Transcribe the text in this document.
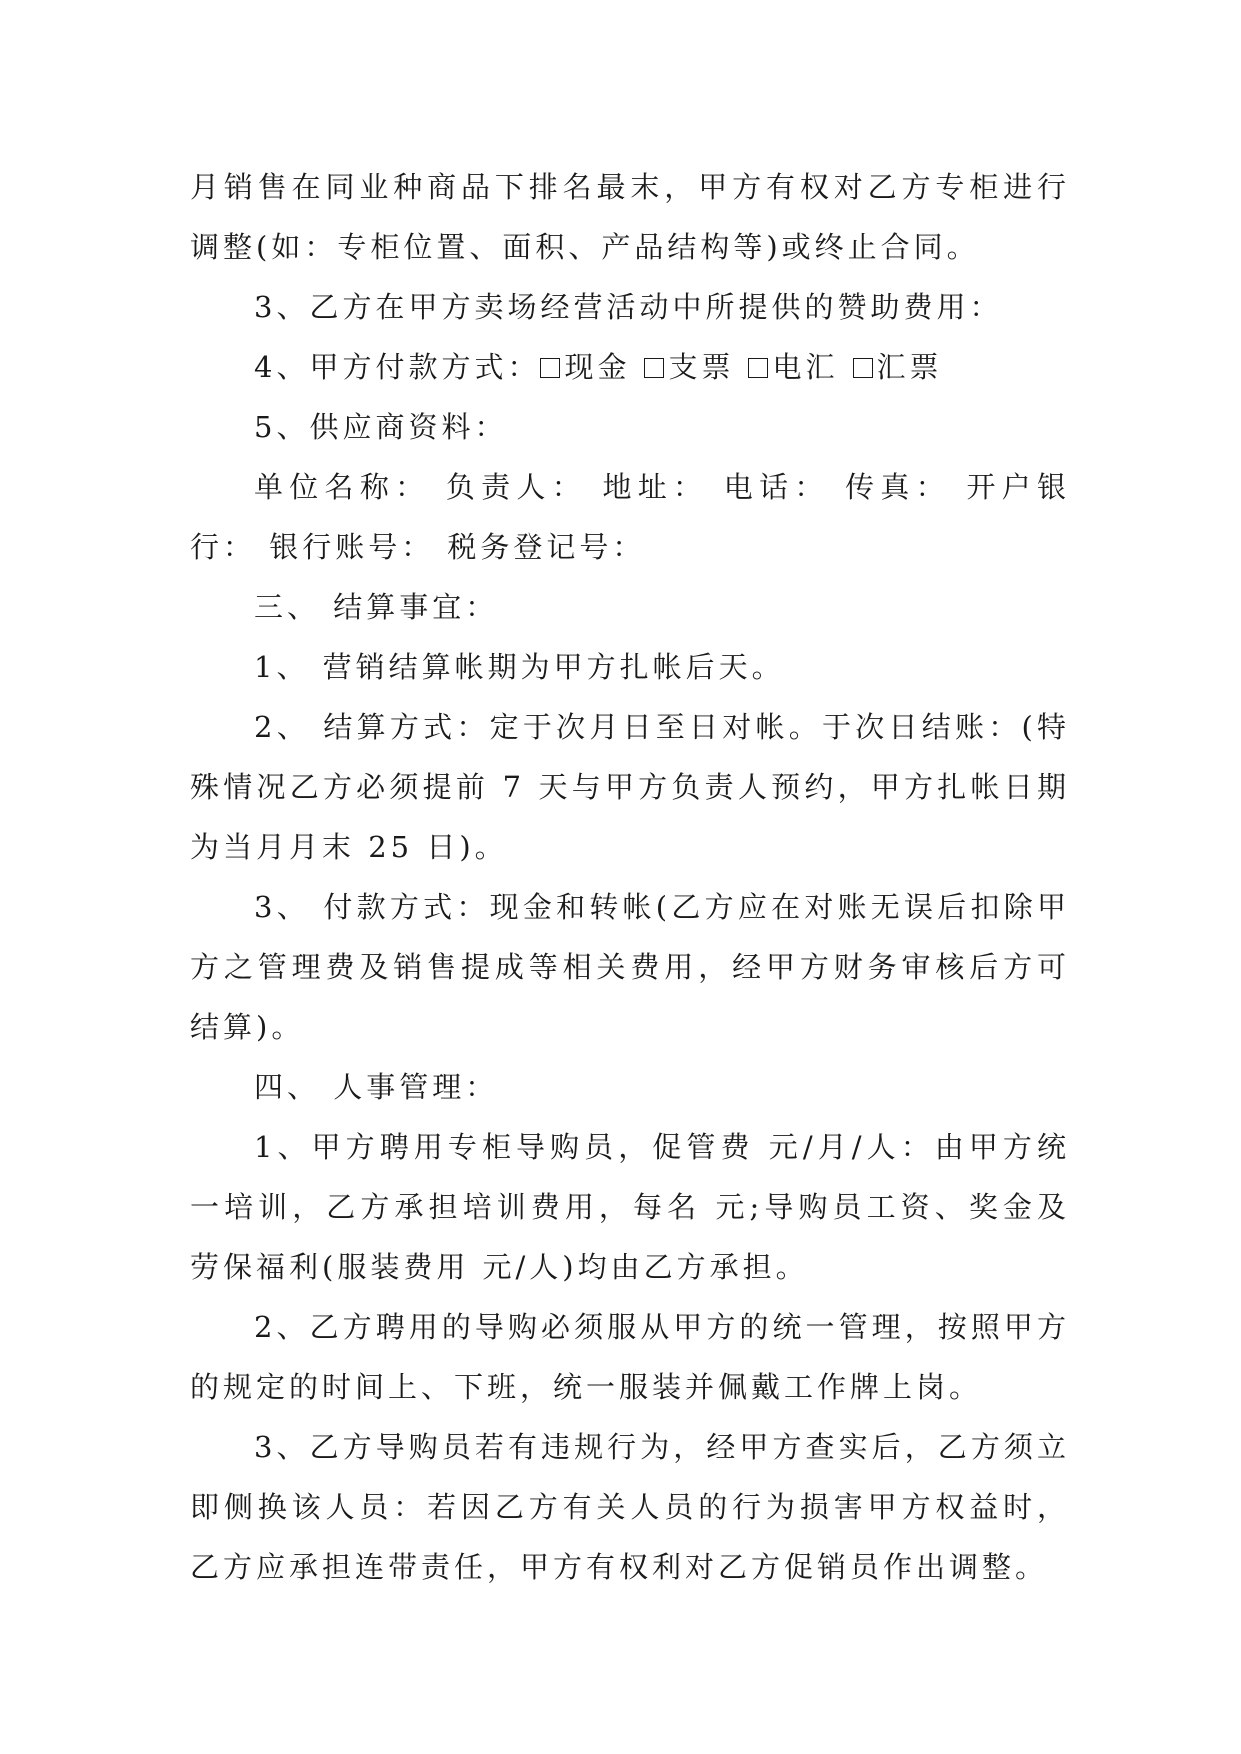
月销售在同业种商品下排名最末，甲方有权对乙方专柜进行调整(如：专柜位置、面积、产品结构等)或终止合同。

3、乙方在甲方卖场经营活动中所提供的赞助费用：

4、甲方付款方式： 现金 支票 电汇 汇票

5、供应商资料：

单位名称： 负责人： 地址： 电话： 传真： 开户银行： 银行账号： 税务登记号：

三、 结算事宜：

1、 营销结算帐期为甲方扎帐后天。

2、 结算方式：定于次月日至日对帐。于次日结账：(特殊情况乙方必须提前 7 天与甲方负责人预约，甲方扎帐日期为当月月末 25 日)。

3、 付款方式：现金和转帐(乙方应在对账无误后扣除甲方之管理费及销售提成等相关费用，经甲方财务审核后方可结算)。

四、 人事管理：

1、甲方聘用专柜导购员，促管费 元/月/人：由甲方统一培训，乙方承担培训费用，每名 元;导购员工资、奖金及劳保福利(服装费用 元/人)均由乙方承担。

2、乙方聘用的导购必须服从甲方的统一管理，按照甲方的规定的时间上、下班，统一服装并佩戴工作牌上岗。

3、乙方导购员若有违规行为，经甲方查实后，乙方须立即侧换该人员：若因乙方有关人员的行为损害甲方权益时，乙方应承担连带责任，甲方有权利对乙方促销员作出调整。
